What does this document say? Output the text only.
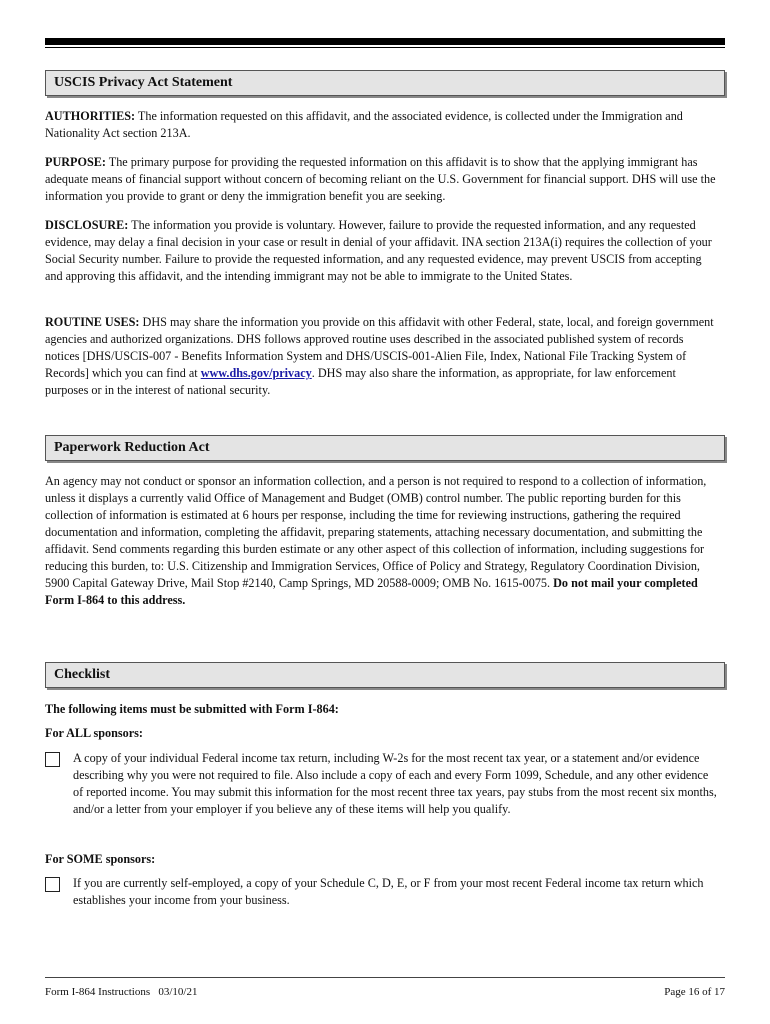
USCIS Privacy Act Statement

AUTHORITIES: The information requested on this affidavit, and the associated evidence, is collected under the Immigration and Nationality Act section 213A.

PURPOSE: The primary purpose for providing the requested information on this affidavit is to show that the applying immigrant has adequate means of financial support without concern of becoming reliant on the U.S. Government for financial support. DHS will use the information you provide to grant or deny the immigration benefit you are seeking.

DISCLOSURE: The information you provide is voluntary. However, failure to provide the requested information, and any requested evidence, may delay a final decision in your case or result in denial of your affidavit. INA section 213A(i) requires the collection of your Social Security number. Failure to provide the requested information, and any requested evidence, may prevent USCIS from accepting and approving this affidavit, and the intending immigrant may not be able to immigrate to the United States.

ROUTINE USES: DHS may share the information you provide on this affidavit with other Federal, state, local, and foreign government agencies and authorized organizations. DHS follows approved routine uses described in the associated published system of records notices [DHS/USCIS-007 - Benefits Information System and DHS/USCIS-001-Alien File, Index, National File Tracking System of Records] which you can find at www.dhs.gov/privacy. DHS may also share the information, as appropriate, for law enforcement purposes or in the interest of national security.

Paperwork Reduction Act

An agency may not conduct or sponsor an information collection, and a person is not required to respond to a collection of information, unless it displays a currently valid Office of Management and Budget (OMB) control number. The public reporting burden for this collection of information is estimated at 6 hours per response, including the time for reviewing instructions, gathering the required documentation and information, completing the affidavit, preparing statements, attaching necessary documentation, and submitting the affidavit. Send comments regarding this burden estimate or any other aspect of this collection of information, including suggestions for reducing this burden, to: U.S. Citizenship and Immigration Services, Office of Policy and Strategy, Regulatory Coordination Division, 5900 Capital Gateway Drive, Mail Stop #2140, Camp Springs, MD 20588-0009; OMB No. 1615-0075. Do not mail your completed Form I-864 to this address.

Checklist
The following items must be submitted with Form I-864:
For ALL sponsors:

A copy of your individual Federal income tax return, including W-2s for the most recent tax year, or a statement and/or evidence describing why you were not required to file. Also include a copy of each and every Form 1099, Schedule, and any other evidence of reported income. You may submit this information for the most recent three tax years, pay stubs from the most recent six months, and/or a letter from your employer if you believe any of these items will help you qualify.

For SOME sponsors:

If you are currently self-employed, a copy of your Schedule C, D, E, or F from your most recent Federal income tax return which establishes your income from your business.

Form I-864 Instructions   03/10/21	Page 16 of 17
